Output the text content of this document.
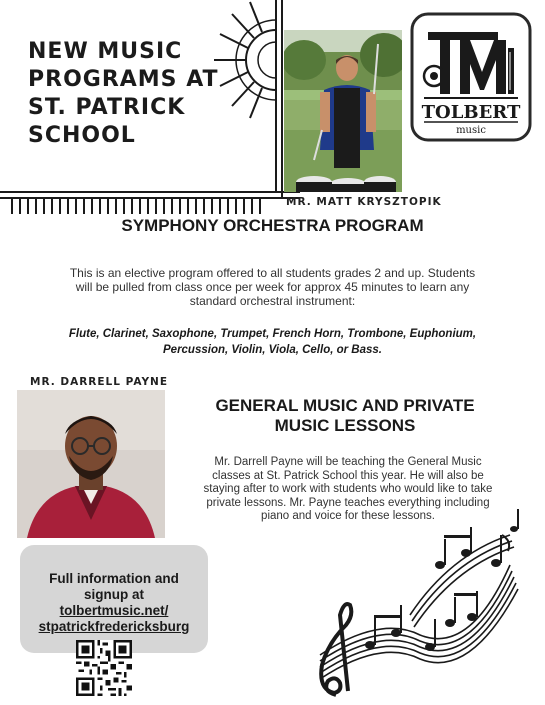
NEW MUSIC
PROGRAMS AT
ST. PATRICK
SCHOOL
TOLBERT
music
MR. MATT KRYSZTOPIK
SYMPHONY ORCHESTRA PROGRAM
This is an elective program offered to all students grades 2 and up. Students
will be pulled from class once per week for approx 45 minutes to learn any
standard orchestral instrument:
Flute, Clarinet, Saxophone, Trumpet, French Horn, Trombone, Euphonium,
Percussion, Violin, Viola, Cello, or Bass.
MR. DARRELL PAYNE
GENERAL MUSIC AND PRIVATE
MUSIC LESSONS
Mr. Darrell Payne will be teaching the General Music
classes at St. Patrick School this year. He will also be
staying after to work with students who would like to take
private lessons. Mr. Payne teaches everything including
piano and voice for these lessons.
Full information and
signup at
tolbertmusic.net/
stpatrickfredericksburg
